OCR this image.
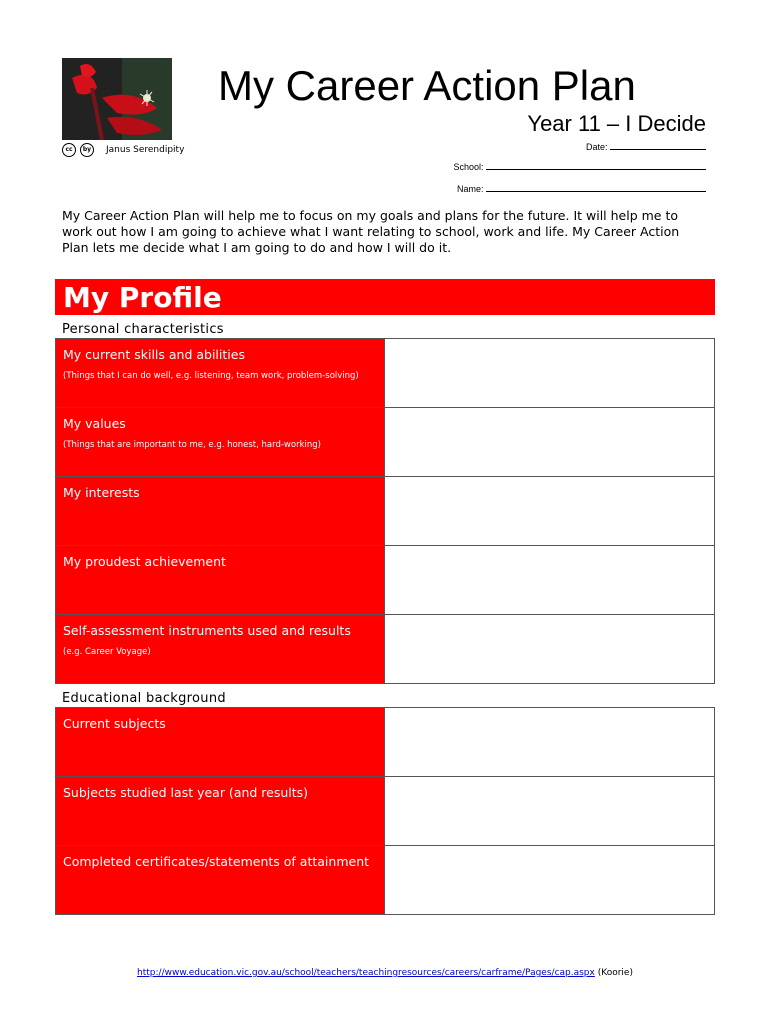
cc	by	Janus Serendipity
My Career Action Plan
Year 11 – I Decide
Date:
School:
Name:
My Career Action Plan will help me to focus on my goals and plans for the future. It will help me to work out how I am going to achieve what I want relating to school, work and life. My Career Action Plan lets me decide what I am going to do and how I will do it.
My Profile
Personal characteristics
My current skills and abilities
(Things that I can do well, e.g. listening, team work, problem-solving)
My values
(Things that are important to me, e.g. honest, hard-working)
My interests
My proudest achievement
Self-assessment instruments used and results
(e.g. Career Voyage)
Educational background
Current subjects
Subjects studied last year (and results)
Completed certificates/statements of attainment
http://www.education.vic.gov.au/school/teachers/teachingresources/careers/carframe/Pages/cap.aspx (Koorie)
